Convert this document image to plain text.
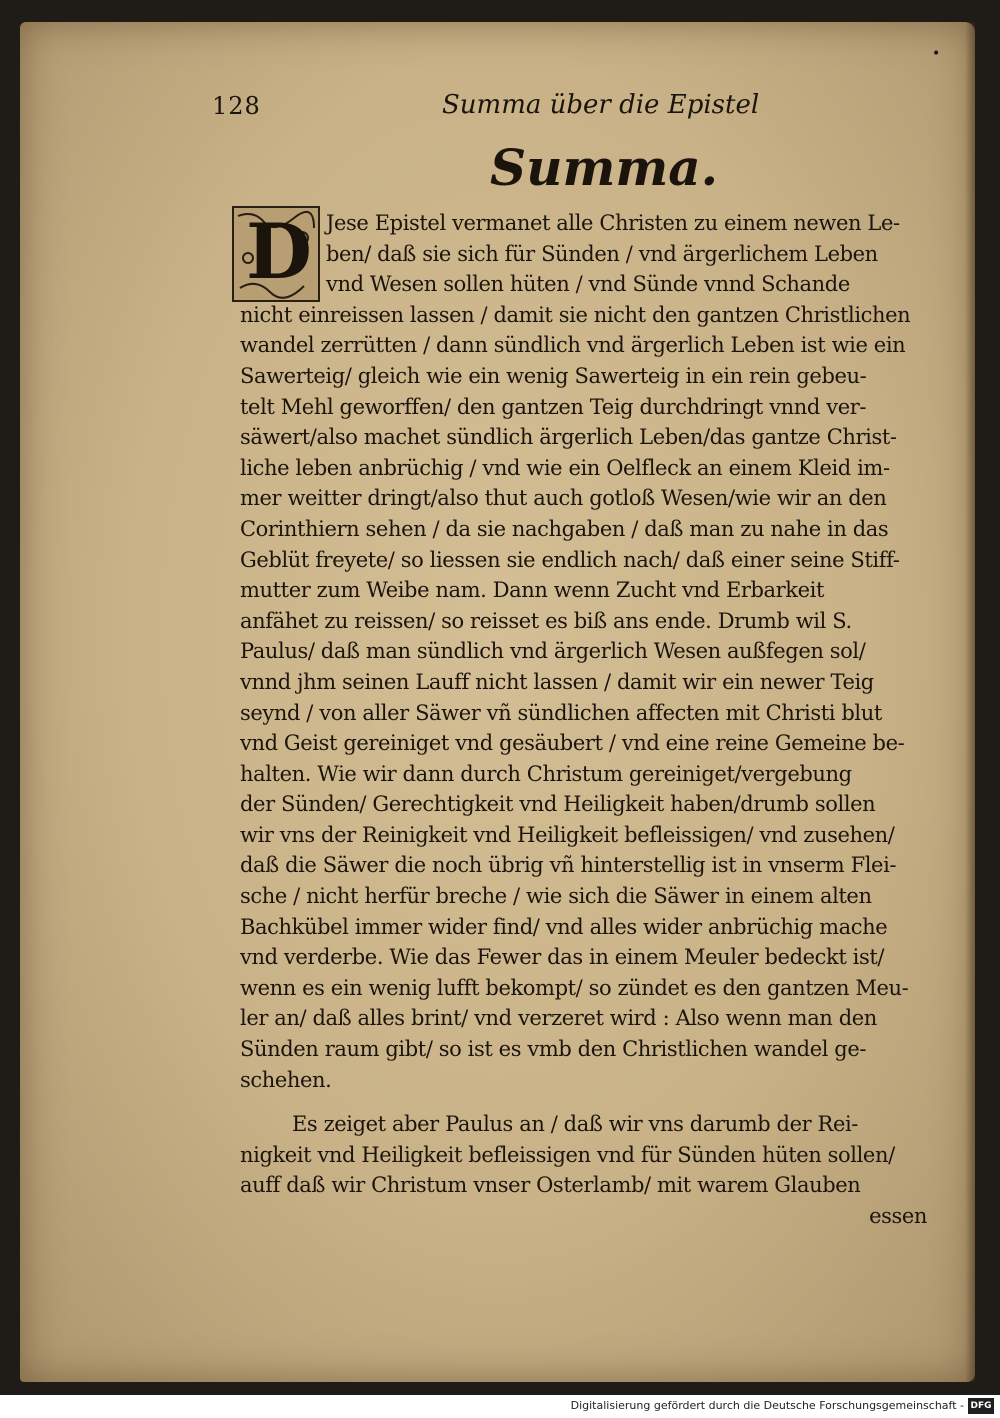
•
128	Summa über die Epistel
Summa.
D Jese Epistel vermanet alle Christen zu einem newen Le-
ben/ daß sie sich für Sünden / vnd ärgerlichem Leben
vnd Wesen sollen hüten / vnd Sünde vnnd Schande
nicht einreissen lassen / damit sie nicht den gantzen Christlichen
wandel zerrütten / dann sündlich vnd ärgerlich Leben ist wie ein
Sawerteig/ gleich wie ein wenig Sawerteig in ein rein gebeu-
telt Mehl geworffen/ den gantzen Teig durchdringt vnnd ver-
säwert/also machet sündlich ärgerlich Leben/das gantze Christ-
liche leben anbrüchig / vnd wie ein Oelfleck an einem Kleid im-
mer weitter dringt/also thut auch gotloß Wesen/wie wir an den
Corinthiern sehen / da sie nachgaben / daß man zu nahe in das
Geblüt freyete/ so liessen sie endlich nach/ daß einer seine Stiff-
mutter zum Weibe nam. Dann wenn Zucht vnd Erbarkeit
anfähet zu reissen/ so reisset es biß ans ende. Drumb wil S.
Paulus/ daß man sündlich vnd ärgerlich Wesen außfegen sol/
vnnd jhm seinen Lauff nicht lassen / damit wir ein newer Teig
seynd / von aller Säwer vñ sündlichen affecten mit Christi blut
vnd Geist gereiniget vnd gesäubert / vnd eine reine Gemeine be-
halten. Wie wir dann durch Christum gereiniget/vergebung
der Sünden/ Gerechtigkeit vnd Heiligkeit haben/drumb sollen
wir vns der Reinigkeit vnd Heiligkeit befleissigen/ vnd zusehen/
daß die Säwer die noch übrig vñ hinterstellig ist in vnserm Flei-
sche / nicht herfür breche / wie sich die Säwer in einem alten
Bachkübel immer wider find/ vnd alles wider anbrüchig mache
vnd verderbe. Wie das Fewer das in einem Meuler bedeckt ist/
wenn es ein wenig lufft bekompt/ so zündet es den gantzen Meu-
ler an/ daß alles brint/ vnd verzeret wird : Also wenn man den
Sünden raum gibt/ so ist es vmb den Christlichen wandel ge-
schehen.
Es zeiget aber Paulus an / daß wir vns darumb der Rei-
nigkeit vnd Heiligkeit befleissigen vnd für Sünden hüten sollen/
auff daß wir Christum vnser Osterlamb/ mit warem Glauben
essen
Digitalisierung gefördert durch die Deutsche Forschungsgemeinschaft - DFG
